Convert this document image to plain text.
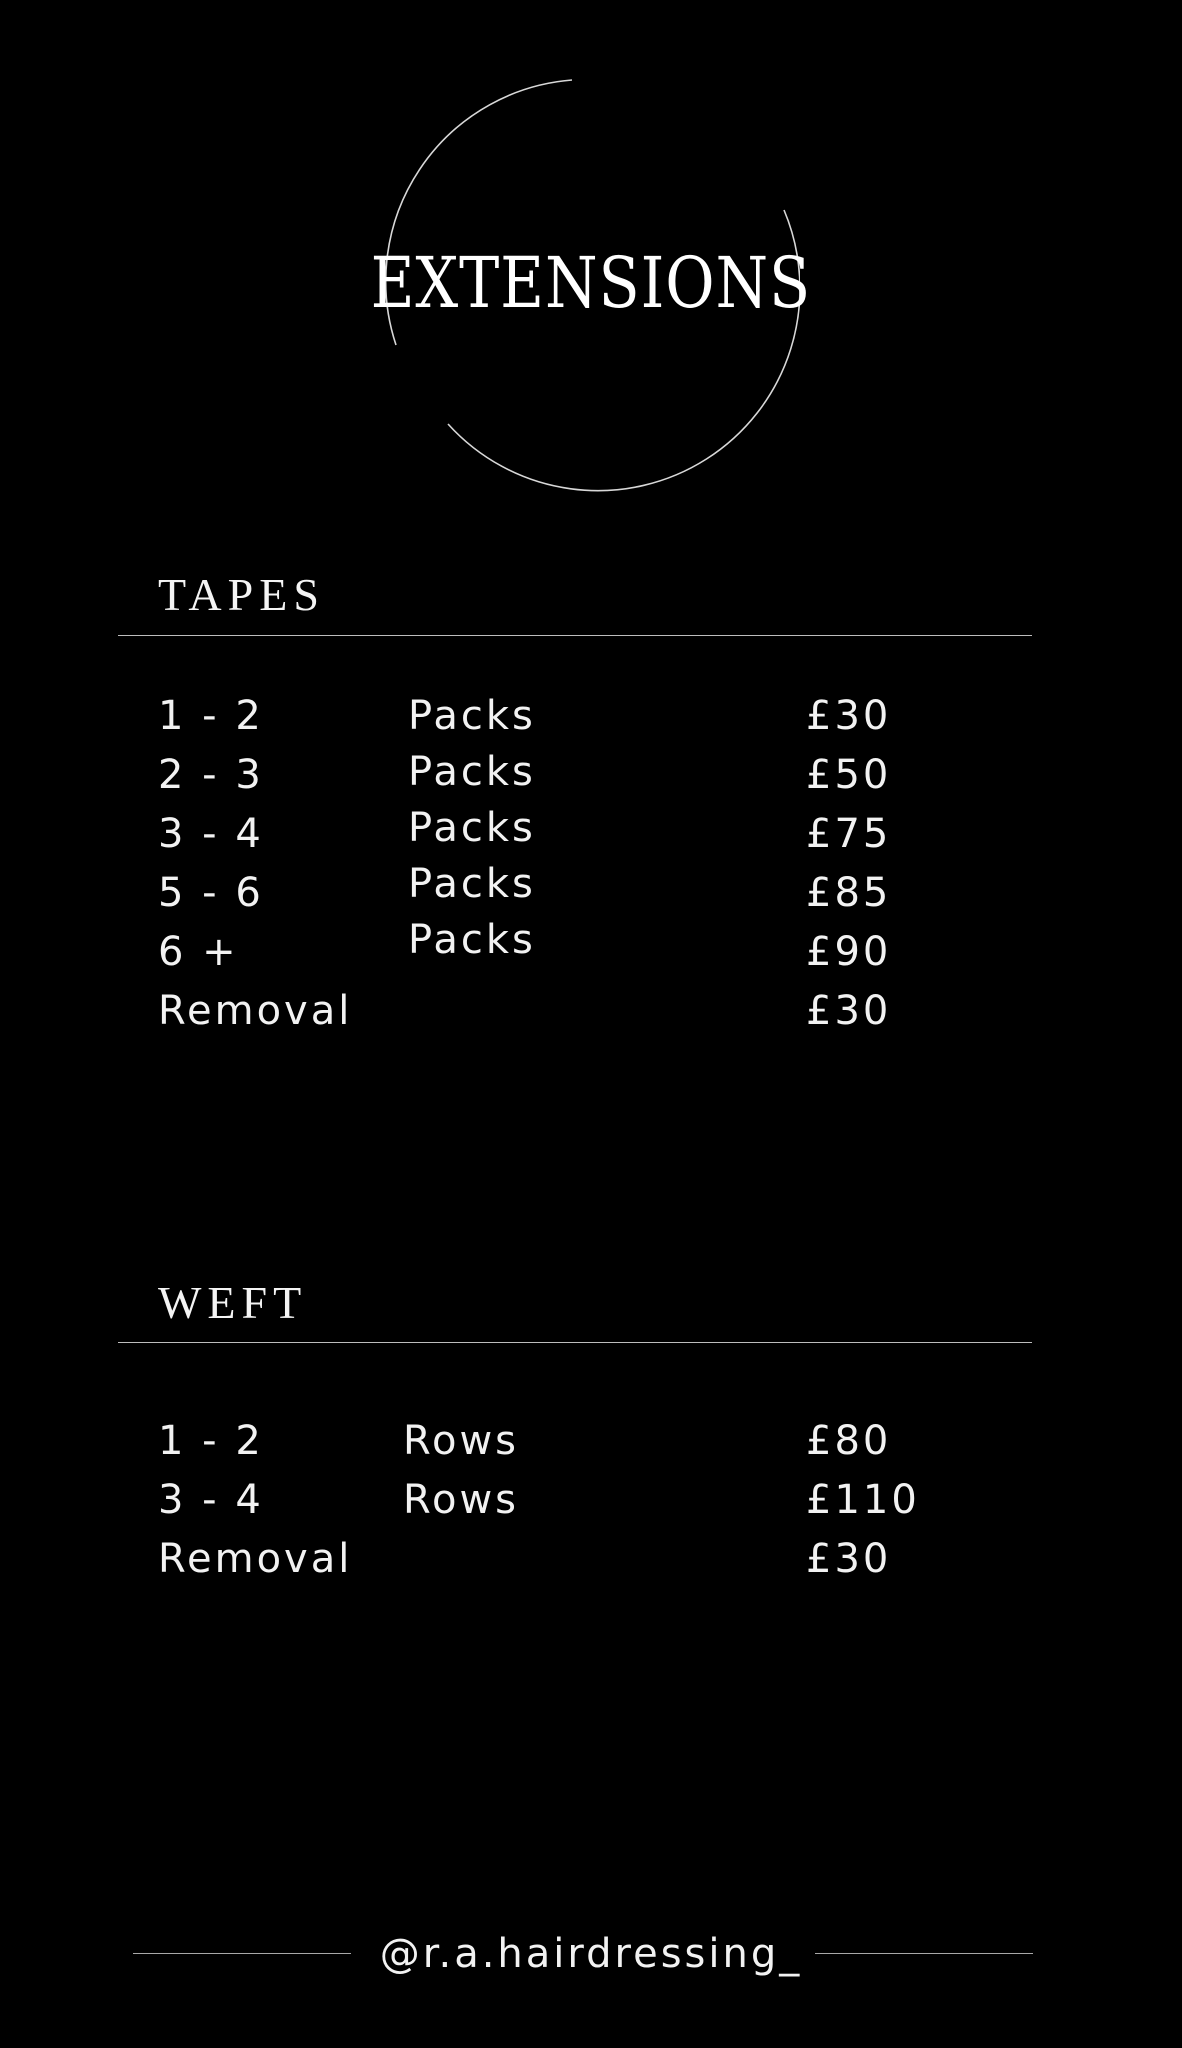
EXTENSIONS
TAPES
1 - 2	Packs	£30
2 - 3	Packs	£50
3 - 4	Packs	£75
5 - 6	Packs	£85
6 +	Packs	£90
Removal	£30
WEFT
1 - 2	Rows	£80
3 - 4	Rows	£110
Removal	£30
@r.a.hairdressing_
